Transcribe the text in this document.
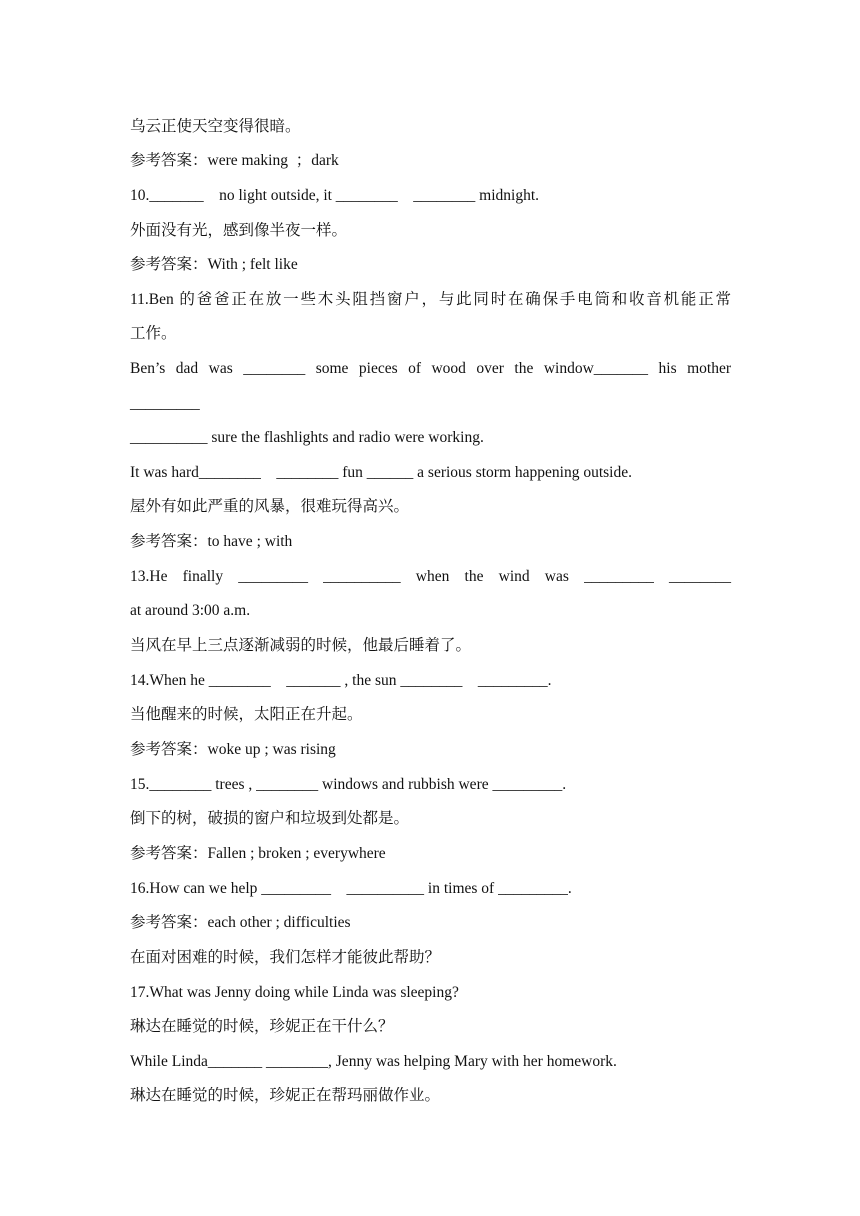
乌云正使天空变得很暗。
参考答案：were making  ；dark
10._______    no light outside, it ________    ________ midnight.
外面没有光，感到像半夜一样。
参考答案：With ; felt like
11.Ben 的爸爸正在放一些木头阻挡窗户，与此同时在确保手电筒和收音机能正常
工作。
Ben’s dad was ________ some pieces of wood over the window_______ his mother
_________
__________ sure the flashlights and radio were working.
It was hard________    ________ fun ______ a serious storm happening outside.
屋外有如此严重的风暴，很难玩得高兴。
参考答案：to have ; with
13.He finally _________ __________ when the wind was _________ ________
at around 3:00 a.m.
当风在早上三点逐渐减弱的时候，他最后睡着了。
14.When he ________    _______ , the sun ________    _________.
当他醒来的时候，太阳正在升起。
参考答案：woke up ; was rising
15.________ trees , ________ windows and rubbish were _________.
倒下的树，破损的窗户和垃圾到处都是。
参考答案：Fallen ; broken ; everywhere
16.How can we help _________    __________ in times of _________.
参考答案：each other ; difficulties
在面对困难的时候，我们怎样才能彼此帮助？
17.What was Jenny doing while Linda was sleeping?
琳达在睡觉的时候，珍妮正在干什么？
While Linda_______ ________, Jenny was helping Mary with her homework.
琳达在睡觉的时候，珍妮正在帮玛丽做作业。
